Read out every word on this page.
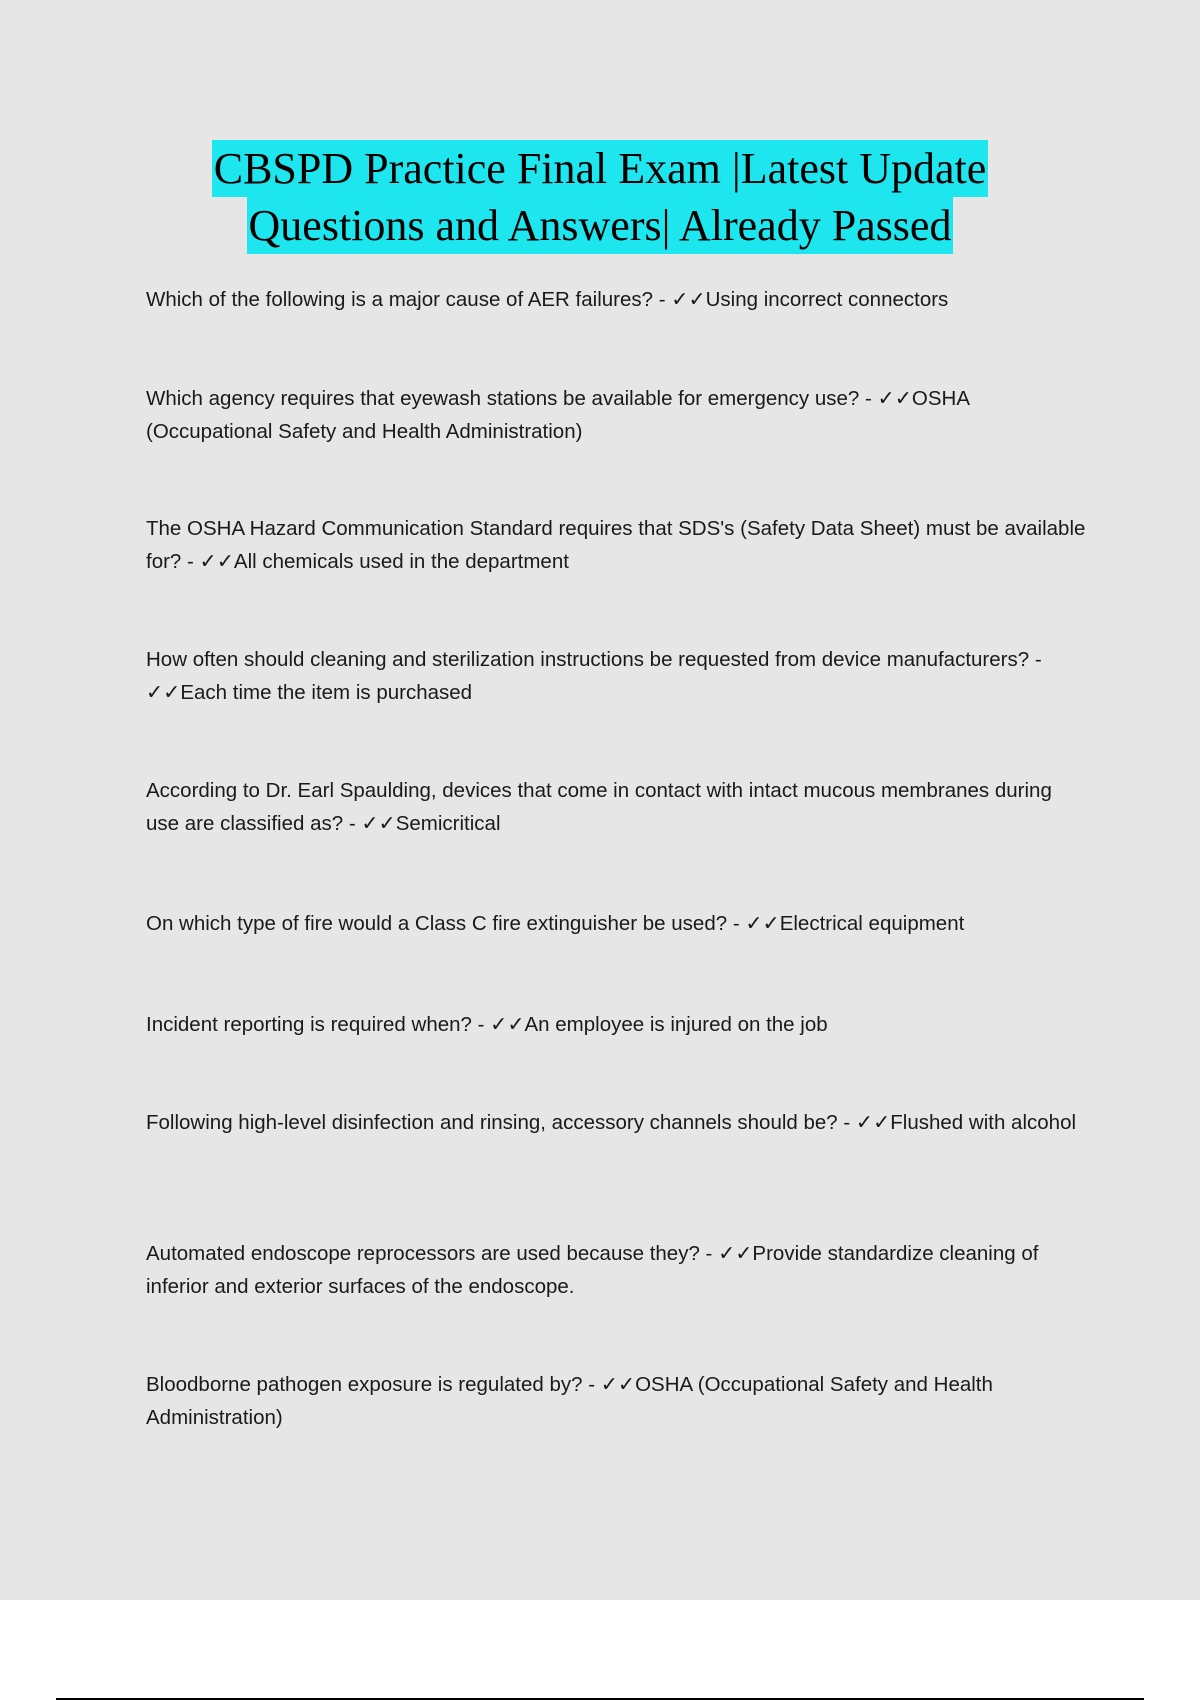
CBSPD Practice Final Exam |Latest Update
Questions and Answers| Already Passed

Which of the following is a major cause of AER failures? - ✓✓Using incorrect connectors

Which agency requires that eyewash stations be available for emergency use? - ✓✓OSHA (Occupational Safety and Health Administration)

The OSHA Hazard Communication Standard requires that SDS's (Safety Data Sheet) must be available for? - ✓✓All chemicals used in the department

How often should cleaning and sterilization instructions be requested from device manufacturers? - ✓✓Each time the item is purchased

According to Dr. Earl Spaulding, devices that come in contact with intact mucous membranes during use are classified as? - ✓✓Semicritical

On which type of fire would a Class C fire extinguisher be used? - ✓✓Electrical equipment

Incident reporting is required when? - ✓✓An employee is injured on the job

Following high-level disinfection and rinsing, accessory channels should be? - ✓✓Flushed with alcohol

Automated endoscope reprocessors are used because they? - ✓✓Provide standardize cleaning of inferior and exterior surfaces of the endoscope.

Bloodborne pathogen exposure is regulated by? - ✓✓OSHA (Occupational Safety and Health Administration)
